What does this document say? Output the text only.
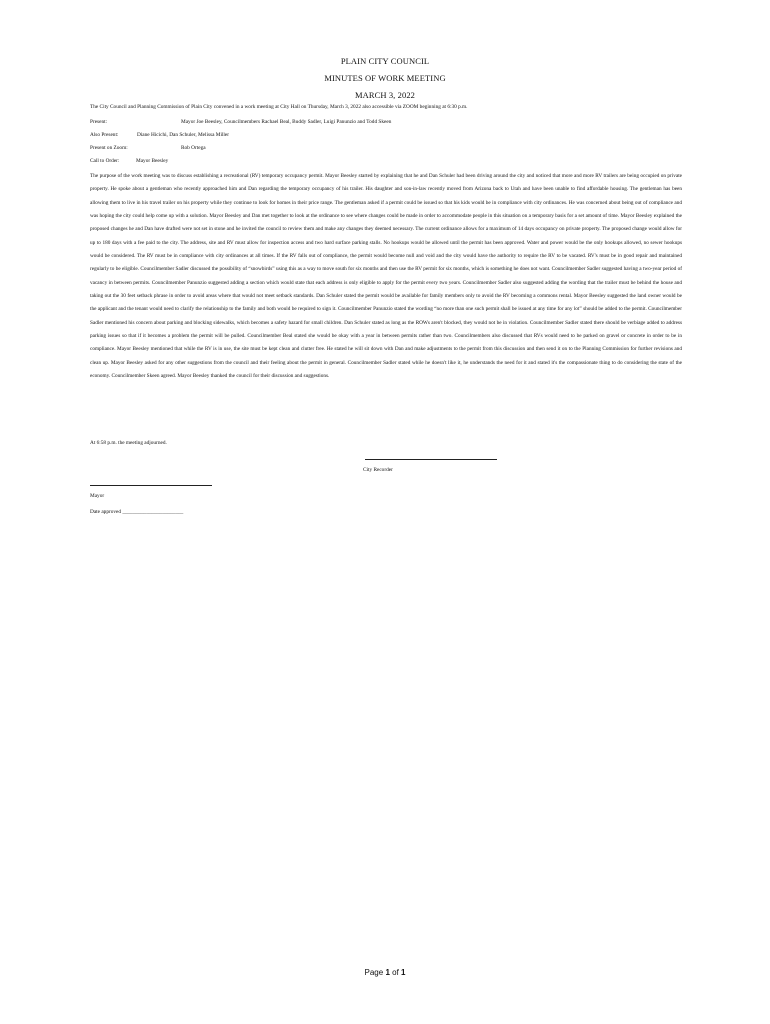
PLAIN CITY COUNCIL
MINUTES OF WORK MEETING
MARCH 3, 2022
The City Council and Planning Commission of Plain City convened in a work meeting at City Hall on Thursday, March 3, 2022 also accessible via ZOOM beginning at 6:30 p.m.
Present:	Mayor Joe Beesley, Councilmembers Rachael Beal, Buddy Sadler, Luigi Panunzio and Todd Skeen
Also Present:	Diane Hicichi, Dan Schuler, Melissa Miller
Present on Zoom:	Rob Ortega
Call to Order:	Mayor Beesley

The purpose of the work meeting was to discuss establishing a recreational (RV) temporary occupancy permit. Mayor Beesley started by explaining that he and Dan Schuler had been driving around the city and noticed that more and more RV trailers are being occupied on private property. He spoke about a gentleman who recently approached him and Dan regarding the temporary occupancy of his trailer. His daughter and son-in-law recently moved from Arizona back to Utah and have been unable to find affordable housing. The gentleman has been allowing them to live in his travel trailer on his property while they continue to look for homes in their price range. The gentleman asked if a permit could be issued so that his kids would be in compliance with city ordinances. He was concerned about being out of compliance and was hoping the city could help come up with a solution. Mayor Beesley and Dan met together to look at the ordinance to see where changes could be made in order to accommodate people in this situation on a temporary basis for a set amount of time. Mayor Beesley explained the proposed changes he and Dan have drafted were not set in stone and he invited the council to review them and make any changes they deemed necessary. The current ordinance allows for a maximum of 14 days occupancy on private property. The proposed change would allow for up to 180 days with a fee paid to the city. The address, site and RV must allow for inspection access and two hard surface parking stalls. No hookups would be allowed until the permit has been approved. Water and power would be the only hookups allowed, no sewer hookups would be considered. The RV must be in compliance with city ordinances at all times. If the RV falls out of compliance, the permit would become null and void and the city would have the authority to require the RV to be vacated. RV's must be in good repair and maintained regularly to be eligible. Councilmember Sadler discussed the possibility of “snowbirds” using this as a way to move south for six months and then use the RV permit for six months, which is something he does not want. Councilmember Sadler suggested having a two-year period of vacancy in between permits. Councilmember Panunzio suggested adding a section which would state that each address is only eligible to apply for the permit every two years. Councilmember Sadler also suggested adding the wording that the trailer must be behind the house and taking out the 30 feet setback phrase in order to avoid areas where that would not meet setback standards. Dan Schuler stated the permit would be available for family members only to avoid the RV becoming a commons rental. Mayor Beesley suggested the land owner would be the applicant and the tenant would need to clarify the relationship to the family and both would be required to sign it. Councilmember Panunzio stated the wording “no more than one such permit shall be issued at any time for any lot” should be added to the permit. Councilmember Sadler mentioned his concern about parking and blocking sidewalks, which becomes a safety hazard for small children. Dan Schuler stated as long as the ROWs aren't blocked, they would not be in violation. Councilmember Sadler stated there should be verbiage added to address parking issues so that if it becomes a problem the permit will be pulled. Councilmember Beal stated she would be okay with a year in between permits rather than two. Councilmembers also discussed that RVs would need to be parked on gravel or concrete in order to be in compliance. Mayor Beesley mentioned that while the RV is in use, the site must be kept clean and clutter free. He stated he will sit down with Dan and make adjustments to the permit from this discussion and then send it on to the Planning Commission for further revisions and clean up. Mayor Beesley asked for any other suggestions from the council and their feeling about the permit in general. Councilmember Sadler stated while he doesn't like it, he understands the need for it and stated it's the compassionate thing to do considering the state of the economy. Councilmember Skeen agreed. Mayor Beesley thanked the council for their discussion and suggestions.

At 6:58 p.m. the meeting adjourned.
City Recorder
Mayor
Date approved _______________________
Page 1 of 1
